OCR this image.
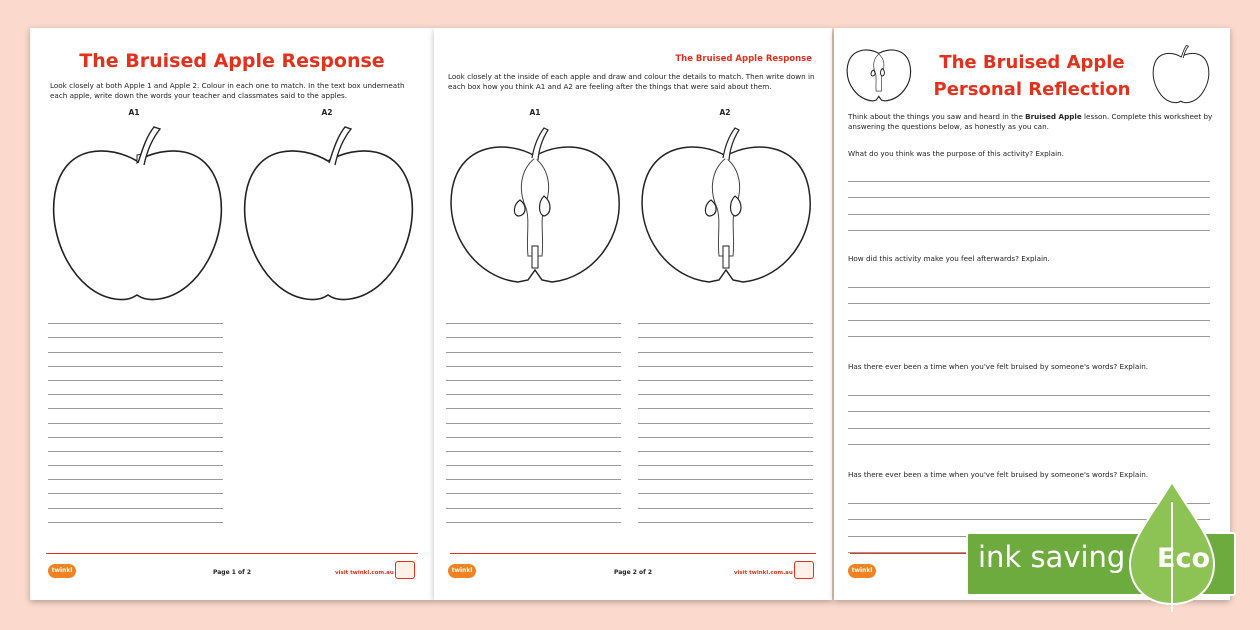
The Bruised Apple Response
Look closely at both Apple 1 and Apple 2. Colour in each one to match. In the text box underneath each apple, write down the words your teacher and classmates said to the apples.
A1	A2
twinkl	Page 1 of 2	visit twinkl.com.au
The Bruised Apple Response
Look closely at the inside of each apple and draw and colour the details to match. Then write down in each box how you think A1 and A2 are feeling after the things that were said about them.
A1	A2
twinkl	Page 2 of 2	visit twinkl.com.au
The Bruised Apple
Personal Reflection
Think about the things you saw and heard in the Bruised Apple lesson. Complete this worksheet by answering the questions below, as honestly as you can.
What do you think was the purpose of this activity? Explain.
How did this activity make you feel afterwards? Explain.
Has there ever been a time when you've felt bruised by someone's words? Explain.
Has there ever been a time when you've felt bruised by someone's words? Explain.
twinkl	ink saving Eco
